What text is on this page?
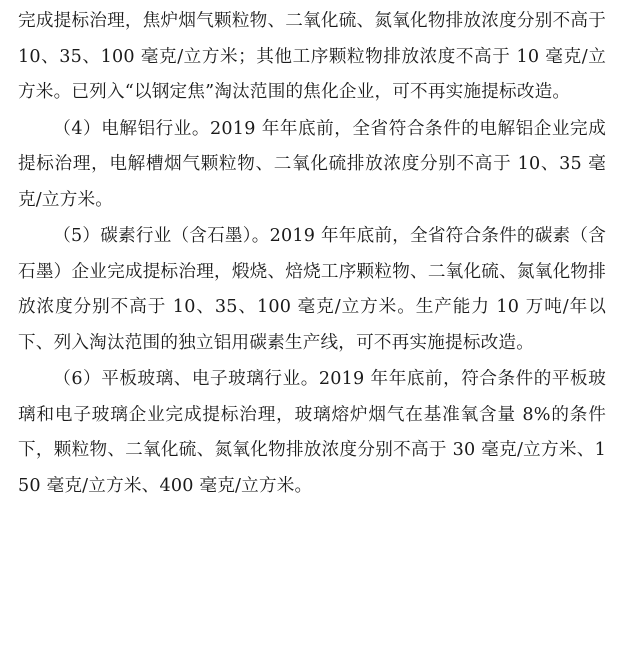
完成提标治理，焦炉烟气颗粒物、二氧化硫、氮氧化物排放浓度分别不高于 10、35、100 毫克/立方米；其他工序颗粒物排放浓度不高于 10 毫克/立方米。已列入“以钢定焦”淘汰范围的焦化企业，可不再实施提标改造。

（4）电解铝行业。2019 年年底前，全省符合条件的电解铝企业完成提标治理，电解槽烟气颗粒物、二氧化硫排放浓度分别不高于 10、35 毫克/立方米。

（5）碳素行业（含石墨）。2019 年年底前，全省符合条件的碳素（含石墨）企业完成提标治理，煅烧、焙烧工序颗粒物、二氧化硫、氮氧化物排放浓度分别不高于 10、35、100 毫克/立方米。生产能力 10 万吨/年以下、列入淘汰范围的独立铝用碳素生产线，可不再实施提标改造。

（6）平板玻璃、电子玻璃行业。2019 年年底前，符合条件的平板玻璃和电子玻璃企业完成提标治理，玻璃熔炉烟气在基准氧含量 8%的条件下，颗粒物、二氧化硫、氮氧化物排放浓度分别不高于 30 毫克/立方米、150 毫克/立方米、400 毫克/立方米。
